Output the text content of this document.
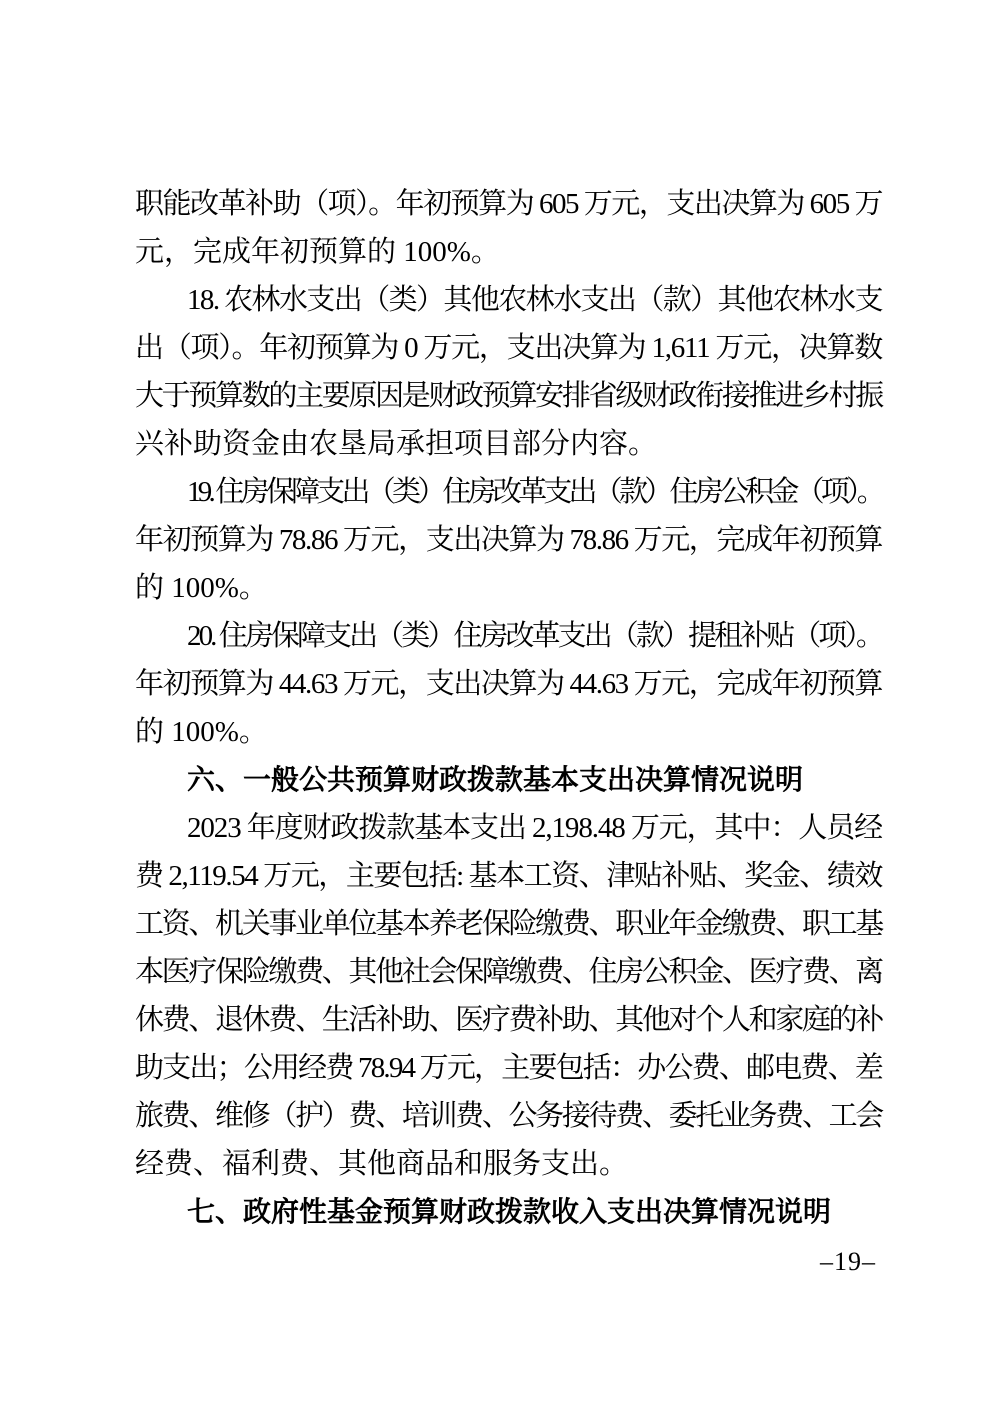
职能改革补助（项）。年初预算为 605 万元，支出决算为 605 万
元，完成年初预算的 100%。
18. 农林水支出（类）其他农林水支出（款）其他农林水支
出（项）。年初预算为 0 万元，支出决算为 1,611 万元，决算数
大于预算数的主要原因是财政预算安排省级财政衔接推进乡村振
兴补助资金由农垦局承担项目部分内容。
19. 住房保障支出（类）住房改革支出（款）住房公积金（项）。
年初预算为 78.86 万元，支出决算为 78.86 万元，完成年初预算
的 100%。
20. 住房保障支出（类）住房改革支出（款）提租补贴（项）。
年初预算为 44.63 万元，支出决算为 44.63 万元，完成年初预算
的 100%。
六、一般公共预算财政拨款基本支出决算情况说明
2023 年度财政拨款基本支出 2,198.48 万元，其中：人员经
费 2,119.54 万元，主要包括: 基本工资、津贴补贴、奖金、绩效
工资、机关事业单位基本养老保险缴费、职业年金缴费、职工基
本医疗保险缴费、其他社会保障缴费、住房公积金、医疗费、离
休费、退休费、生活补助、医疗费补助、其他对个人和家庭的补
助支出；公用经费 78.94 万元，主要包括：办公费、邮电费、差
旅费、维修（护）费、培训费、公务接待费、委托业务费、工会
经费、福利费、其他商品和服务支出。
七、政府性基金预算财政拨款收入支出决算情况说明
–19–
